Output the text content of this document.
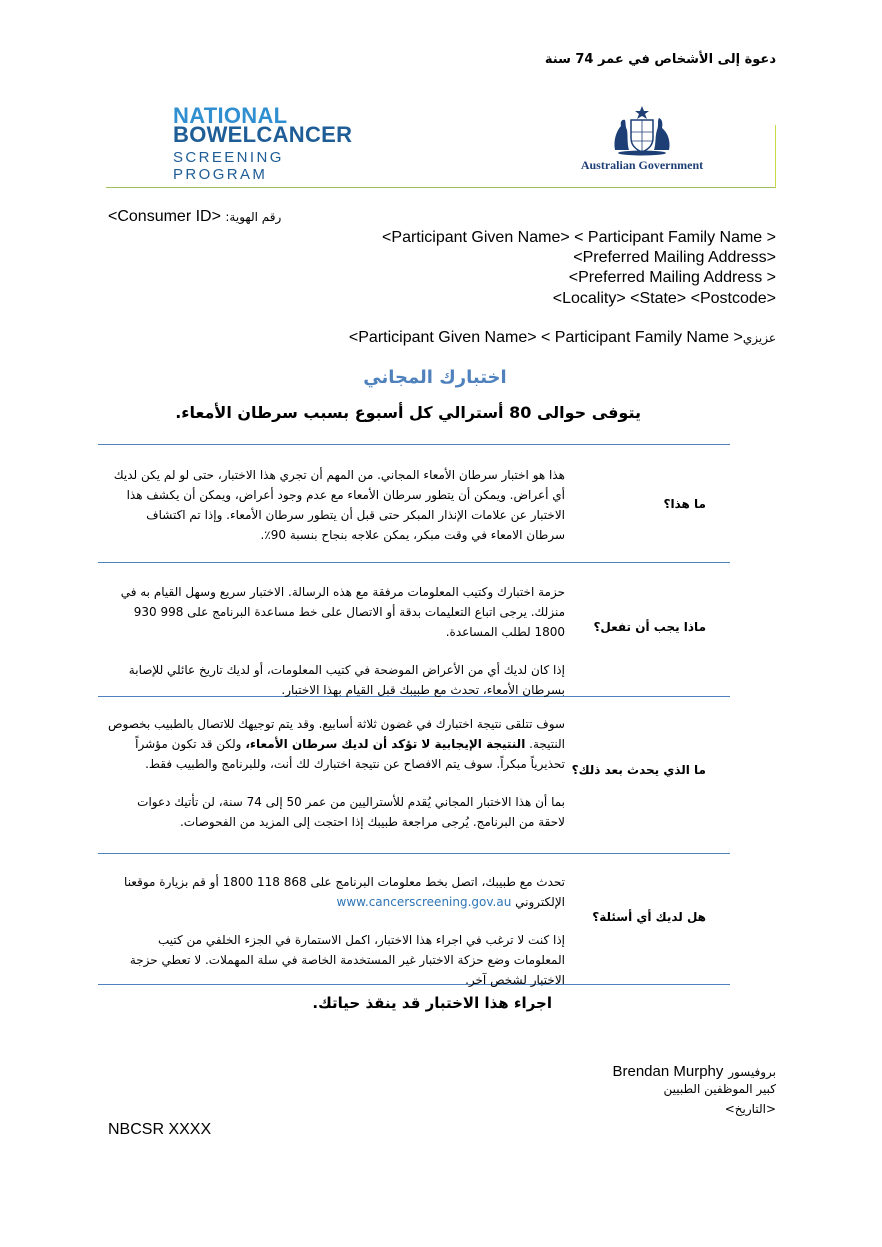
دعوة إلى الأشخاص في عمر 74 سنة
NATIONAL
BOWELCANCER
SCREENING PROGRAM
Australian Government
<Consumer ID> رقم الهوية:
<Participant Given Name> < Participant Family Name >
<Preferred Mailing Address>
<Preferred Mailing Address >
<Locality> <State> <Postcode>
<Participant Given Name> < Participant Family Name >عزيزي
اختبارك المجاني
يتوفى حوالى 80 أسترالي كل أسبوع بسبب سرطان الأمعاء.
ما هذا؟

هذا هو اختبار سرطان الأمعاء المجاني. من المهم أن تجري هذا الاختبار، حتى لو لم يكن لديك أي أعراض. ويمكن أن يتطور سرطان الأمعاء مع عدم وجود أعراض، ويمكن أن يكشف هذا الاختبار عن علامات الإنذار المبكر حتى قبل أن يتطور سرطان الأمعاء. وإذا تم اكتشاف سرطان الامعاء في وقت مبكر، يمكن علاجه بنجاح بنسبة 90٪.

ماذا يجب أن تفعل؟

حزمة اختبارك وكتيب المعلومات مرفقة مع هذه الرسالة. الاختبار سريع وسهل القيام به في منزلك. يرجى اتباع التعليمات بدقة أو الاتصال على خط مساعدة البرنامج على 998 930 1800 لطلب المساعدة.

إذا كان لديك أي من الأعراض الموضحة في كتيب المعلومات، أو لديك تاريخ عائلي للإصابة بسرطان الأمعاء، تحدث مع طبيبك قبل القيام بهذا الاختبار.

ما الذي يحدث بعد ذلك؟

سوف تتلقى نتيجة اختبارك في غضون ثلاثة أسابيع. وقد يتم توجيهك للاتصال بالطبيب بخصوص النتيجة. النتيجة الإيجابية لا تؤكد أن لديك سرطان الأمعاء، ولكن قد تكون مؤشراً تحذيرياً مبكراً. سوف يتم الافصاح عن نتيجة اختبارك لك أنت، وللبرنامج والطبيب فقط.

بما أن هذا الاختبار المجاني يُقدم للأستراليين من عمر 50 إلى 74 سنة، لن تأتيك دعوات لاحقة من البرنامج. يُرجى مراجعة طبيبك إذا احتجت إلى المزيد من الفحوصات.

هل لديك أي أسئلة؟

تحدث مع طبيبك، اتصل بخط معلومات البرنامج على 868 118 1800 أو قم بزيارة موقعنا الإلكتروني www.cancerscreening.gov.au

إذا كنت لا ترغب في اجراء هذا الاختبار، اكمل الاستمارة في الجزء الخلفي من كتيب المعلومات وضع حزكة الاختبار غير المستخدمة الخاصة في سلة المهملات. لا تعطي حزجة الاختبار لشخص آخر.

اجراء هذا الاختبار قد ينقذ حياتك.
Brendan Murphy بروفيسور
كبير الموظفين الطبيين
<التاريخ>
NBCSR XXXX
